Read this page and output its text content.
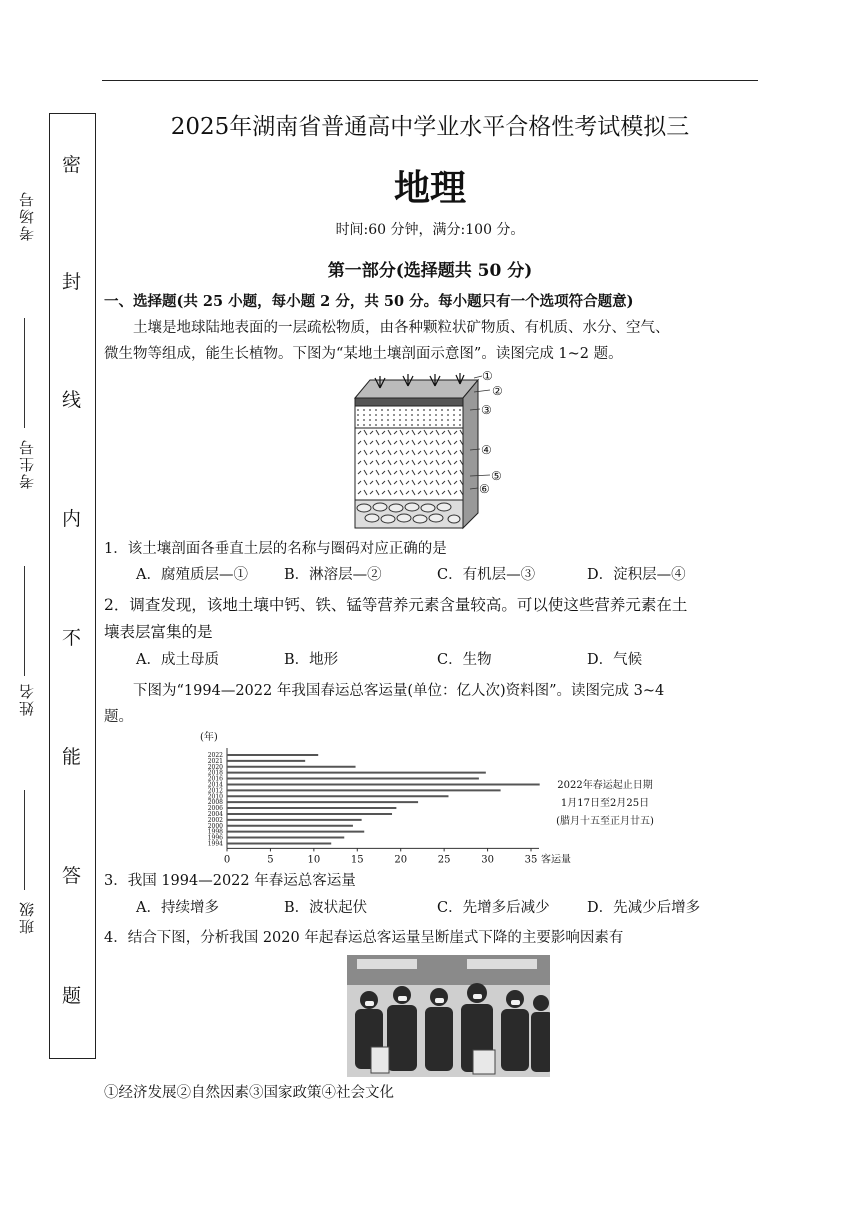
密
封
线
内
不
能
答
题
考场号
考生号
姓名
班级
2025年湖南省普通高中学业水平合格性考试模拟三
地理
时间:60 分钟，满分:100 分。
第一部分(选择题共 50 分)
一、选择题(共 25 小题，每小题 2 分，共 50 分。每小题只有一个选项符合题意)
土壤是地球陆地表面的一层疏松物质，由各种颗粒状矿物质、有机质、水分、空气、
微生物等组成，能生长植物。下图为“某地土壤剖面示意图”。读图完成 1~2 题。
①
②
③
④
⑤
⑥
1．该土壤剖面各垂直土层的名称与圈码对应正确的是
A．腐殖质层—① B．淋溶层—②	C．有机层—③	D．淀积层—④
2．调查发现，该地土壤中钙、铁、锰等营养元素含量较高。可以使这些营养元素在土
壤表层富集的是
A．成土母质	B．地形	C．生物	D．气候
下图为“1994—2022 年我国春运总客运量(单位：亿人次)资料图”。读图完成 3~4
题。
(年)
2022
2021
2020
2018
2016
2014
2012
2010
2008
2006
2004
2002
2000
1998
1996
1994
0	5	10	15	20	25	30	35 客运量
2022年春运起止日期
1月17日至2月25日
(腊月十五至正月廿五)
3．我国 1994—2022 年春运总客运量
A．持续增多	B．波状起伏	C．先增多后减少	D．先减少后增多
4．结合下图，分析我国 2020 年起春运总客运量呈断崖式下降的主要影响因素有
①经济发展②自然因素③国家政策④社会文化
